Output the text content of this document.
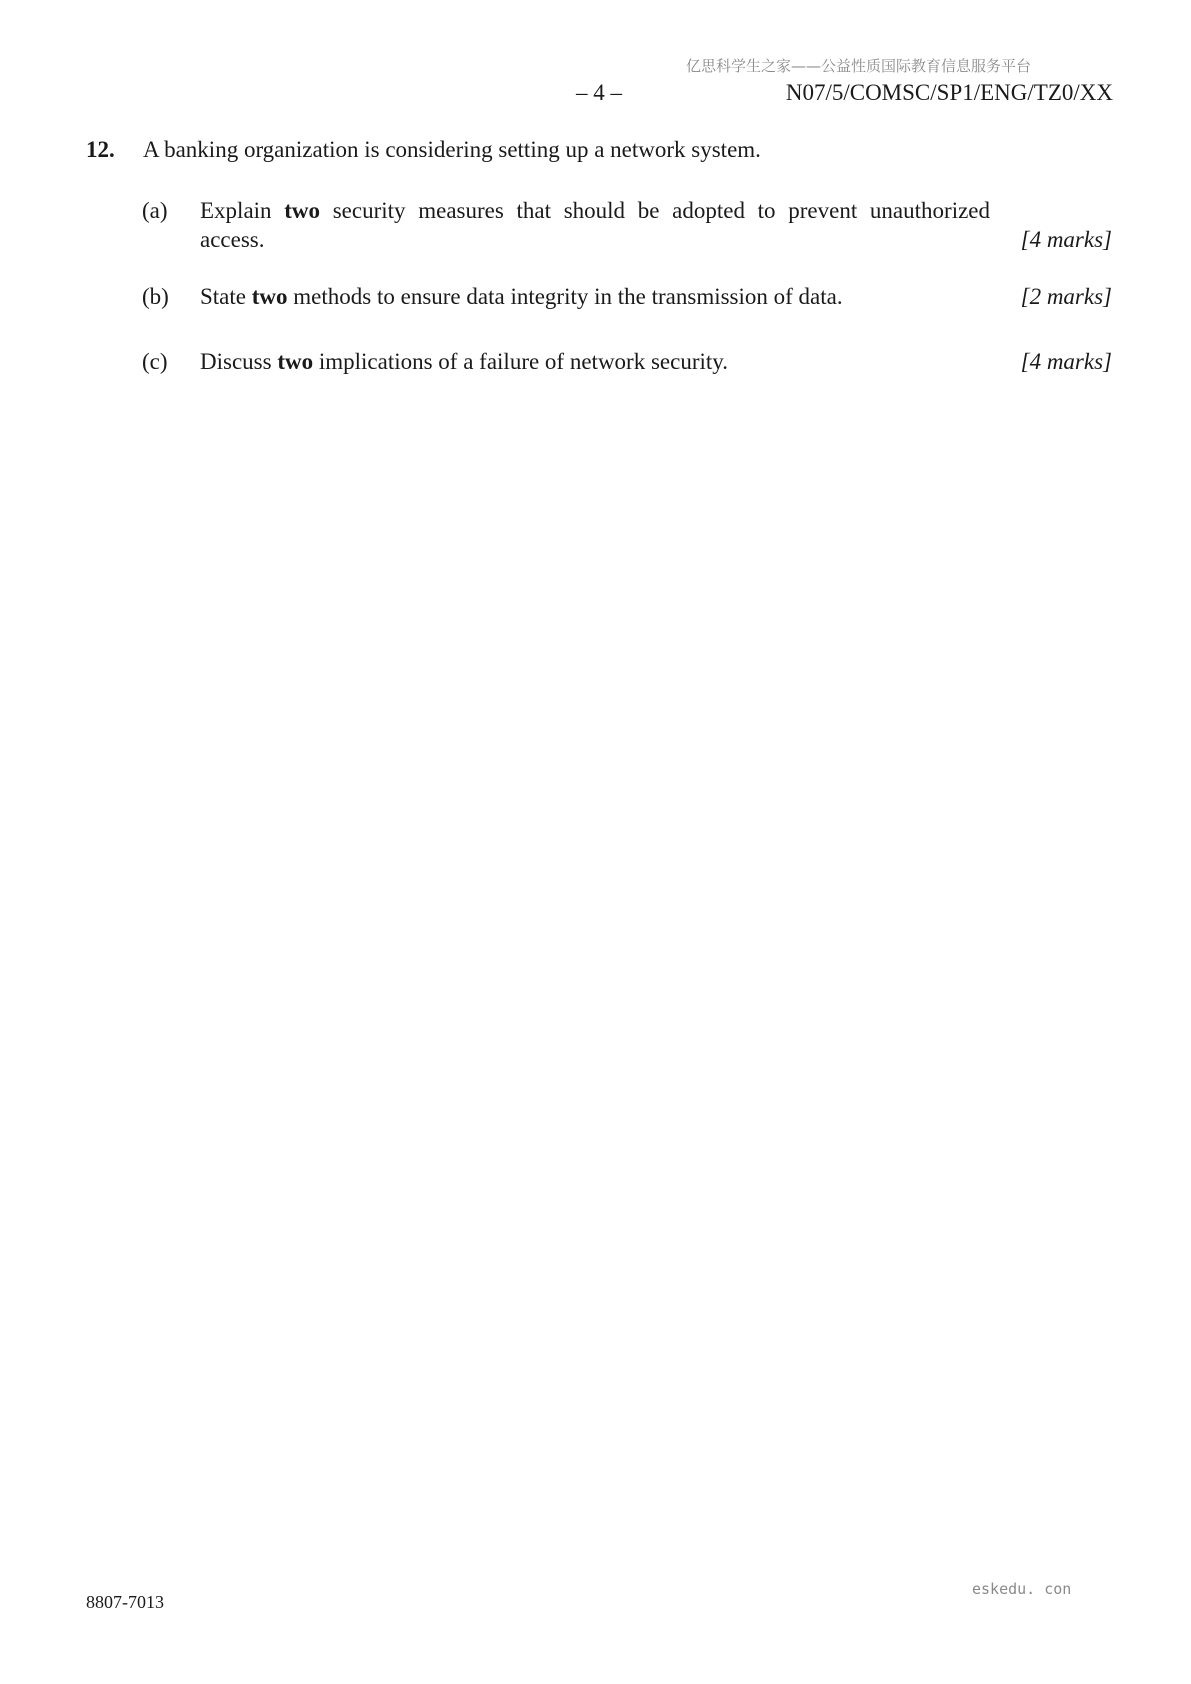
亿思科学生之家——公益性质国际教育信息服务平台
– 4 –	N07/5/COMSC/SP1/ENG/TZ0/XX
12. A banking organization is considering setting up a network system.
(a) Explain two security measures that should be adopted to prevent unauthorized access.	[4 marks]
(b) State two methods to ensure data integrity in the transmission of data.	[2 marks]
(c) Discuss two implications of a failure of network security.	[4 marks]
8807-7013
eskedu. con
